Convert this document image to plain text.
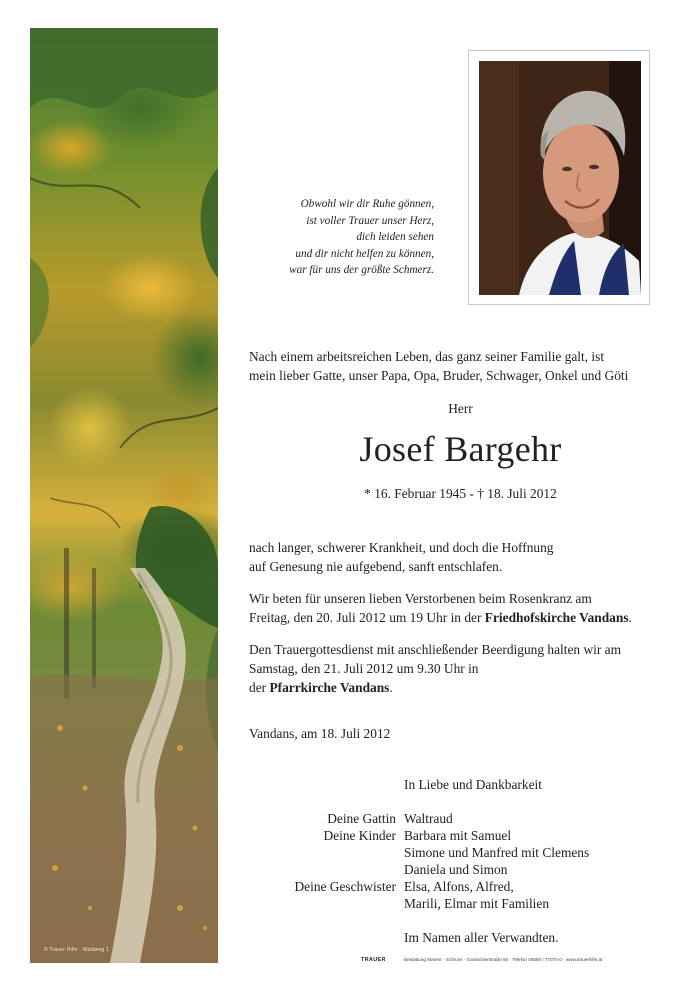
© Trauer Hilfe · Waldweg 1
Obwohl wir dir Ruhe gönnen,
ist voller Trauer unser Herz,
dich leiden sehen
und dir nicht helfen zu können,
war für uns der größte Schmerz.
Nach einem arbeitsreichen Leben, das ganz seiner Familie galt, ist
mein lieber Gatte, unser Papa, Opa, Bruder, Schwager, Onkel und Göti
Herr
Josef Bargehr
* 16. Februar 1945 - † 18. Juli 2012
nach langer, schwerer Krankheit, und doch die Hoffnung
auf Genesung nie aufgebend, sanft entschlafen.
Wir beten für unseren lieben Verstorbenen beim Rosenkranz am
Freitag, den 20. Juli 2012 um 19 Uhr in der Friedhofskirche Vandans.
Den Trauergottesdienst mit anschließender Beerdigung halten wir am
Samstag, den 21. Juli 2012 um 9.30 Uhr in
der Pfarrkirche Vandans.
Vandans, am 18. Juli 2012
In Liebe und Dankbarkeit
Deine Gattin Waltraud
Deine Kinder Barbara mit Samuel
Simone und Manfred mit Clemens
Daniela und Simon
Deine Geschwister Elsa, Alfons, Alfred,
Marili, Elmar mit Familien
Im Namen aller Verwandten.
TRAUER	Bestattung Marent · Schruns · Gantschierstraße 80 · Telefon 05556 / 77070-0 · www.trauerhilfe.at
